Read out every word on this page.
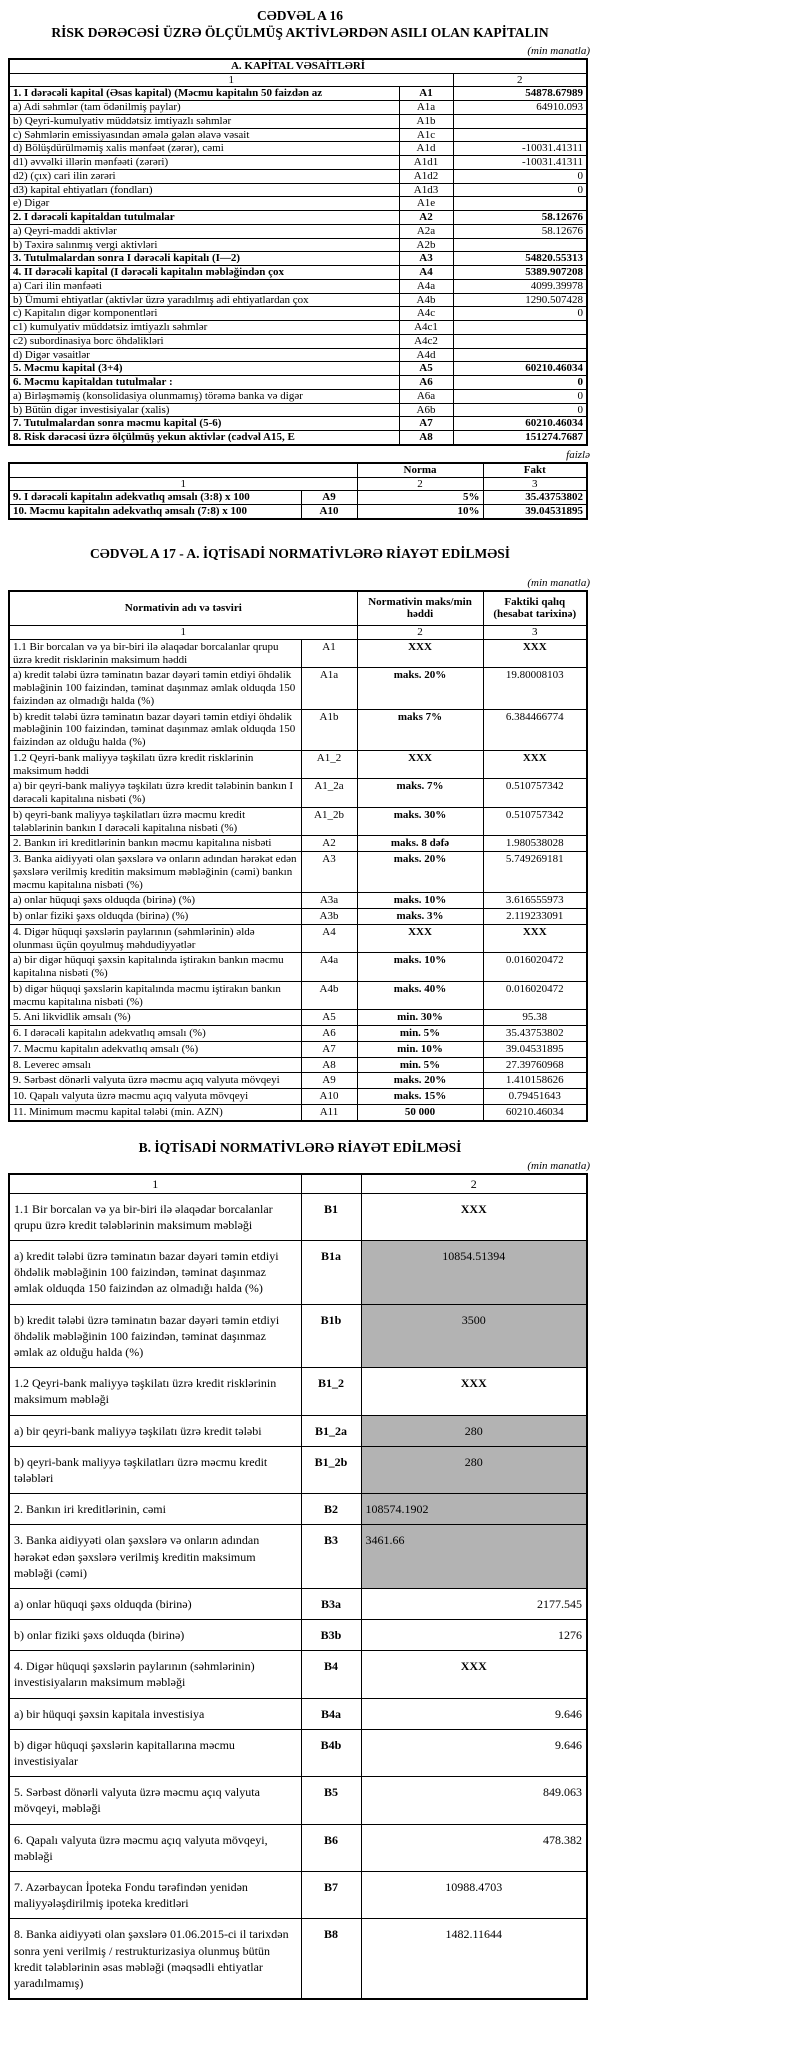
CƏDVƏL A 16
RİSK DƏRƏCƏSİ ÜZRƏ ÖLÇÜLMÜŞ AKTİVLƏRDƏN ASILI OLAN KAPİTALIN
(min manatla)
A. KAPİTAL VƏSAİTLƏRİ		
1		2
1. I dərəcəli kapital (Əsas kapital) (Məcmu kapitalın 50 faizdən az	A1	54878.67989
a) Adi səhmlər (tam ödənilmiş paylar)	A1a	64910.093
b) Qeyri-kumulyativ müddətsiz imtiyazlı səhmlər	A1b	
c) Səhmlərin emissiyasından əmələ gələn əlavə vəsait	A1c	
d) Bölüşdürülməmiş xalis mənfəət (zərər), cəmi	A1d	-10031.41311
d1) əvvəlki illərin mənfəəti (zərəri)	A1d1	-10031.41311
d2) (çıx) cari ilin zərəri	A1d2	0
d3) kapital ehtiyatları (fondları)	A1d3	0
e) Digər	A1e	
2. I dərəcəli kapitaldan tutulmalar	A2	58.12676
a) Qeyri-maddi aktivlər	A2a	58.12676
b) Təxirə salınmış vergi aktivləri	A2b	
3. Tutulmalardan sonra I dərəcəli kapitalı (I—2)	A3	54820.55313
4. II dərəcəli kapital (I dərəcəli kapitalın məbləğindən çox	A4	5389.907208
a) Cari ilin mənfəəti	A4a	4099.39978
b) Ümumi ehtiyatlar (aktivlər üzrə yaradılmış adi ehtiyatlardan çox	A4b	1290.507428
c) Kapitalın digər komponentləri	A4c	0
c1) kumulyativ müddətsiz imtiyazlı səhmlər	A4c1	
c2) subordinasiya borc öhdəlikləri	A4c2	
d) Digər vəsaitlər	A4d	
5. Məcmu kapital (3+4)	A5	60210.46034
6. Məcmu kapitaldan tutulmalar :	A6	0
a) Birləşməmiş (konsolidasiya olunmamış) törəmə banka və digər	A6a	0
b) Bütün digər investisiyalar (xalis)	A6b	0
7. Tutulmalardan sonra məcmu kapital (5-6)	A7	60210.46034
8. Risk dərəcəsi üzrə ölçülmüş yekun aktivlər (cədvəl A15, E	A8	151274.7687
faizlə
		Norma	Fakt
1		2	3
9. I dərəcəli kapitalın adekvatlıq əmsalı (3:8) x 100	A9	5%	35.43753802
10. Məcmu kapitalın adekvatlıq əmsalı (7:8) x 100	A10	10%	39.04531895
CƏDVƏL A 17 - A. İQTİSADİ NORMATİVLƏRƏ RİAYƏT EDİLMƏSİ
(min manatla)
Normativin adı və təsviri		Normativin maks/min həddi	Faktiki qalıq (hesabat tarixinə)
1		2	3
1.1 Bir borcalan və ya bir-biri ilə əlaqədar borcalanlar qrupu üzrə kredit risklərinin maksimum həddi	A1	XXX	XXX
a) kredit tələbi üzrə təminatın bazar dəyəri təmin etdiyi öhdəlik məbləğinin 100 faizindən, təminat daşınmaz əmlak olduqda 150 faizindən az olmadığı halda (%)	A1a	maks. 20%	19.80008103
b) kredit tələbi üzrə təminatın bazar dəyəri təmin etdiyi öhdəlik məbləğinin 100 faizindən, təminat daşınmaz əmlak olduqda 150 faizindən az olduğu halda (%)	A1b	maks 7%	6.384466774
1.2 Qeyri-bank maliyyə təşkilatı üzrə kredit risklərinin maksimum həddi	A1_2	XXX	XXX
a) bir qeyri-bank maliyyə təşkilatı üzrə kredit tələbinin bankın I dərəcəli kapitalına nisbəti (%)	A1_2a	maks. 7%	0.510757342
b) qeyri-bank maliyyə təşkilatları üzrə məcmu kredit tələblərinin bankın I dərəcəli kapitalına nisbəti (%)	A1_2b	maks. 30%	0.510757342
2. Bankın iri kreditlərinin bankın məcmu kapitalına nisbəti	A2	maks. 8 dəfə	1.980538028
3. Banka aidiyyəti olan şəxslərə və onların adından hərəkət edən şəxslərə verilmiş kreditin maksimum məbləğinin (cəmi) bankın məcmu kapitalına nisbəti (%)	A3	maks. 20%	5.749269181
a) onlar hüquqi şəxs olduqda (birinə) (%)	A3a	maks. 10%	3.616555973
b) onlar fiziki şəxs olduqda (birinə) (%)	A3b	maks. 3%	2.119233091
4. Digər hüquqi şəxslərin paylarının (səhmlərinin) əldə olunması üçün qoyulmuş məhdudiyyətlər	A4	XXX	XXX
a) bir digər hüquqi şəxsin kapitalında iştirakın bankın məcmu kapitalına nisbəti (%)	A4a	maks. 10%	0.016020472
b) digər hüquqi şəxslərin kapitalında məcmu iştirakın bankın məcmu kapitalına nisbəti (%)	A4b	maks. 40%	0.016020472
5. Ani likvidlik əmsalı (%)	A5	min. 30%	95.38
6. I dərəcəli kapitalın adekvatlıq əmsalı (%)	A6	min. 5%	35.43753802
7. Məcmu kapitalın adekvatlıq əmsalı (%)	A7	min. 10%	39.04531895
8. Leverec əmsalı	A8	min. 5%	27.39760968
9. Sərbəst dönərli valyuta üzrə məcmu açıq valyuta mövqeyi	A9	maks. 20%	1.410158626
10. Qapalı valyuta üzrə məcmu açıq valyuta mövqeyi	A10	maks. 15%	0.79451643
11. Minimum məcmu kapital tələbi (min. AZN)	A11	50 000	60210.46034
B. İQTİSADİ NORMATİVLƏRƏ RİAYƏT EDİLMƏSİ
(min manatla)
1		2
1.1 Bir borcalan və ya bir-biri ilə əlaqədar borcalanlar qrupu üzrə kredit tələblərinin maksimum məbləği	B1	XXX
a) kredit tələbi üzrə təminatın bazar dəyəri təmin etdiyi öhdəlik məbləğinin 100 faizindən, təminat daşınmaz əmlak olduqda 150 faizindən az olmadığı halda (%)	B1a	10854.51394
b) kredit tələbi üzrə təminatın bazar dəyəri təmin etdiyi öhdəlik məbləğinin 100 faizindən, təminat daşınmaz əmlak az olduğu halda (%)	B1b	3500
1.2 Qeyri-bank maliyyə təşkilatı üzrə kredit risklərinin maksimum məbləği	B1_2	XXX
a) bir qeyri-bank maliyyə təşkilatı üzrə kredit tələbi	B1_2a	280
b) qeyri-bank maliyyə təşkilatları üzrə məcmu kredit tələbləri	B1_2b	280
2. Bankın iri kreditlərinin, cəmi	B2	108574.1902
3. Banka aidiyyəti olan şəxslərə və onların adından hərəkət edən şəxslərə verilmiş kreditin maksimum məbləği (cəmi)	B3	3461.66
a) onlar hüquqi şəxs olduqda (birinə)	B3a	2177.545
b) onlar fiziki şəxs olduqda (birinə)	B3b	1276
4. Digər hüquqi şəxslərin paylarının (səhmlərinin) investisiyaların maksimum məbləği	B4	XXX
a) bir hüquqi şəxsin kapitala investisiya	B4a	9.646
b) digər hüquqi şəxslərin kapitallarına məcmu investisiyalar	B4b	9.646
5. Sərbəst dönərli valyuta üzrə məcmu açıq valyuta mövqeyi, məbləği	B5	849.063
6. Qapalı valyuta üzrə məcmu açıq valyuta mövqeyi, məbləği	B6	478.382
7. Azərbaycan İpoteka Fondu tərəfindən yenidən maliyyələşdirilmiş ipoteka kreditləri	B7	10988.4703
8. Banka aidiyyəti olan şəxslərə 01.06.2015-ci il tarixdən sonra yeni verilmiş / restrukturizasiya olunmuş bütün kredit tələblərinin əsas məbləği (məqsədli ehtiyatlar yaradılmamış)	B8	1482.11644
